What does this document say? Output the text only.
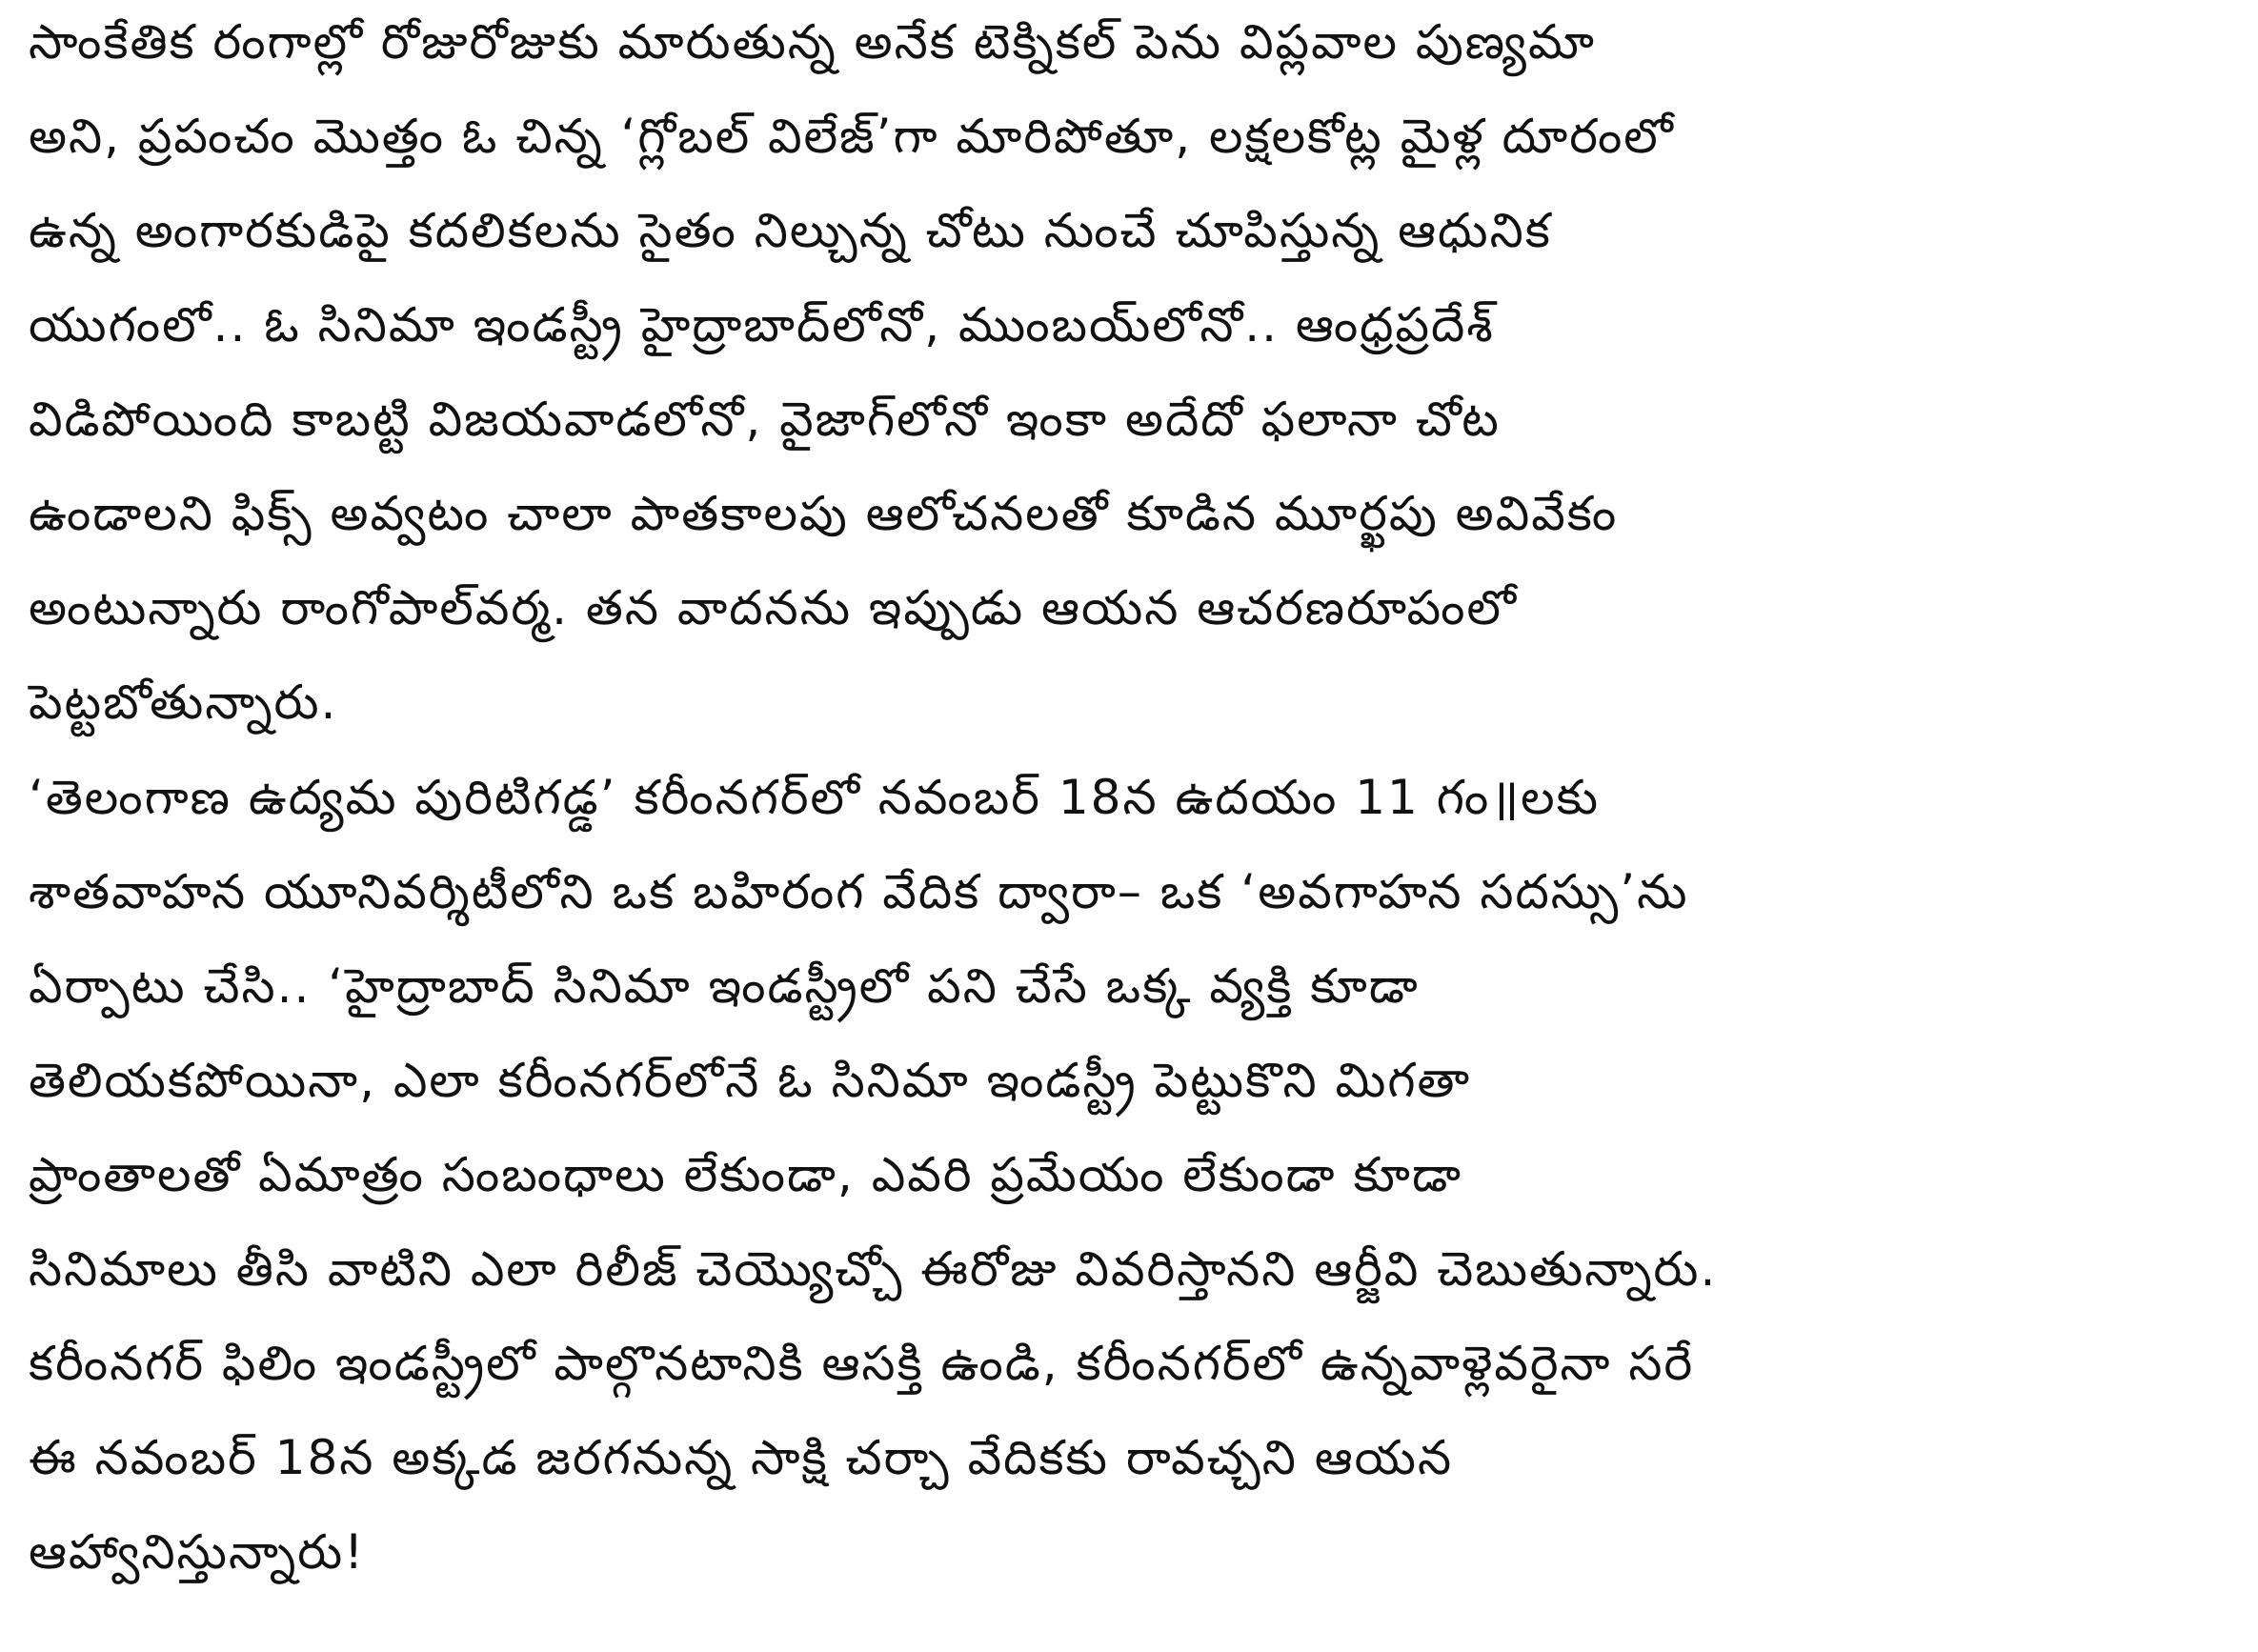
సాంకేతిక రంగాల్లో రోజురోజుకు మారుతున్న అనేక టెక్నికల్ పెను విప్లవాల పుణ్యమా

అని, ప్రపంచం మొత్తం ఓ చిన్న ‘గ్లోబల్ విలేజ్’గా మారిపోతూ, లక్షలకోట్ల మైళ్ల దూరంలో

ఉన్న అంగారకుడిపై కదలికలను సైతం నిల్చున్న చోటు నుంచే చూపిస్తున్న ఆధునిక

యుగంలో.. ఓ సినిమా ఇండస్ట్రీ హైద్రాబాద్‌లోనో, ముంబయ్‌లోనో.. ఆంధ్రప్రదేశ్

విడిపోయింది కాబట్టి విజయవాడలోనో, వైజాగ్‌లోనో ఇంకా అదేదో ఫలానా చోట

ఉండాలని ఫిక్స్ అవ్వటం చాలా పాతకాలపు ఆలోచనలతో కూడిన మూర్ఖపు అవివేకం

అంటున్నారు రాంగోపాల్‌వర్మ. తన వాదనను ఇప్పుడు ఆయన ఆచరణరూపంలో

పెట్టబోతున్నారు.

‘తెలంగాణ ఉద్యమ పురిటిగడ్డ’ కరీంనగర్‌లో నవంబర్ 18న ఉదయం 11 గం॥లకు

శాతవాహన యూనివర్శిటీలోని ఒక బహిరంగ వేదిక ద్వారా– ఒక ‘అవగాహన సదస్సు’ను

ఏర్పాటు చేసి.. ‘హైద్రాబాద్ సినిమా ఇండస్ట్రీలో పని చేసే ఒక్క వ్యక్తి కూడా

తెలియకపోయినా, ఎలా కరీంనగర్‌లోనే ఓ సినిమా ఇండస్ట్రీ పెట్టుకొని మిగతా

ప్రాంతాలతో ఏమాత్రం సంబంధాలు లేకుండా, ఎవరి ప్రమేయం లేకుండా కూడా

సినిమాలు తీసి వాటిని ఎలా రిలీజ్ చెయ్యొచ్చో ఈరోజు వివరిస్తానని ఆర్జీవి చెబుతున్నారు.

కరీంనగర్ ఫిలిం ఇండస్ట్రీలో పాల్గొనటానికి ఆసక్తి ఉండి, కరీంనగర్‌లో ఉన్నవాళ్లెవరైనా సరే

ఈ నవంబర్ 18న అక్కడ జరగనున్న సాక్షి చర్చా వేదికకు రావచ్చని ఆయన

ఆహ్వానిస్తున్నారు!
